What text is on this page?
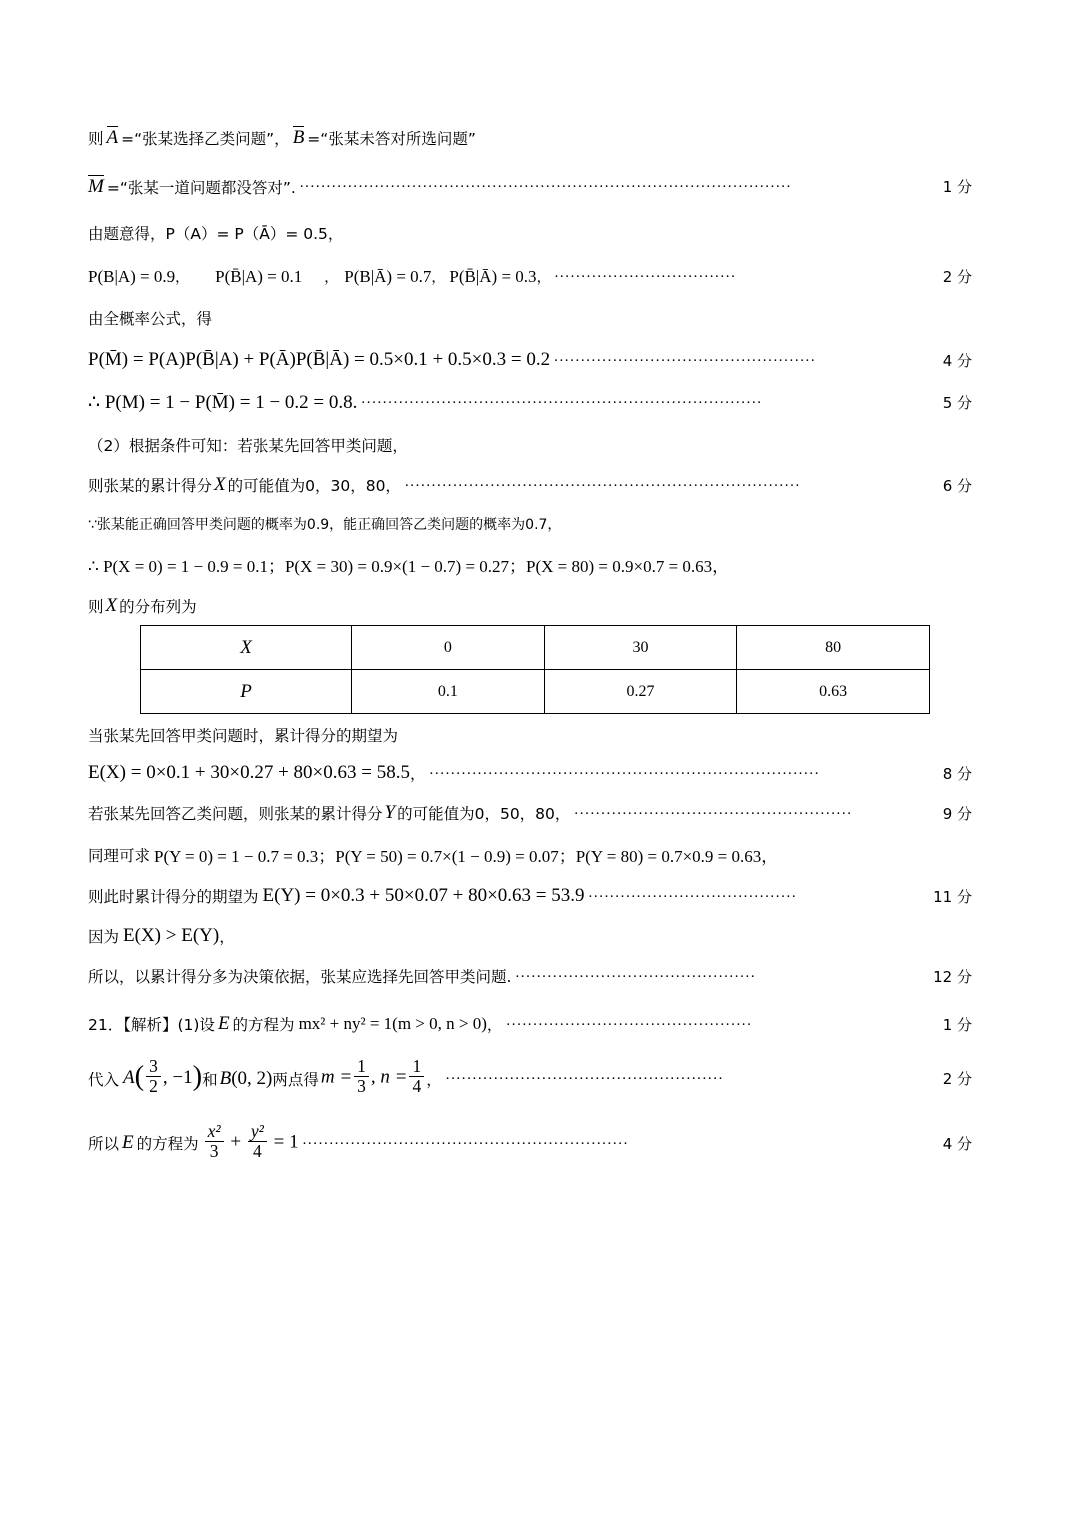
则 A =“张某选择乙类问题”， B =“张某未答对所选问题”
M =“张某一道问题都没答对”. ............................................................................................	1 分
由题意得，P（A）= P（Ā）= 0.5，
P(B|A) = 0.9 ， P(B̄|A) = 0.1 ， P(B|Ā) = 0.7 ， P(B̄|Ā) = 0.3 ， ..................................	2 分
由全概率公式，得
P(M̄) = P(A)P(B̄|A) + P(Ā)P(B̄|Ā) = 0.5×0.1 + 0.5×0.3 = 0.2 .................................................	4 分
∴ P(M) = 1 − P(M̄) = 1 − 0.2 = 0.8 . ...........................................................................	5 分
（2）根据条件可知：若张某先回答甲类问题，
则张某的累计得分 X 的可能值为0，30，80， ..........................................................................	6 分
∵张某能正确回答甲类问题的概率为0.9，能正确回答乙类问题的概率为0.7，
∴ P(X = 0) = 1 − 0.9 = 0.1；P(X = 30) = 0.9×(1 − 0.7) = 0.27；P(X = 80) = 0.9×0.7 = 0.63，
则 X 的分布列为
X	0	30	80
P	0.1	0.27	0.63
当张某先回答甲类问题时，累计得分的期望为
E(X) = 0×0.1 + 30×0.27 + 80×0.63 = 58.5 ， .........................................................................	8 分
若张某先回答乙类问题，则张某的累计得分 Y 的可能值为0，50，80， ....................................................	9 分
同理可求 P(Y = 0) = 1 − 0.7 = 0.3；P(Y = 50) = 0.7×(1 − 0.9) = 0.07；P(Y = 80) = 0.7×0.9 = 0.63，
则此时累计得分的期望为 E(Y) = 0×0.3 + 50×0.07 + 80×0.63 = 53.9 .......................................	11 分
因为 E(X) > E(Y) ，
所以，以累计得分多为决策依据，张某应选择先回答甲类问题. .............................................	12 分
21．【解析】(1)设 E 的方程为 mx² + ny² = 1(m > 0, n > 0) ， ..............................................	1 分
代入 $A( \frac{3}{2}$ , −1) 和 B(0, 2) 两点得 $m = \frac{1}{3}$ , $n = \frac{1}{4}$ ， ....................................................	2 分
所以 E 的方程为 $\frac{\text{x²}}{3} + \frac{\text{y²}}{4} = 1$ .............................................................	4 分
